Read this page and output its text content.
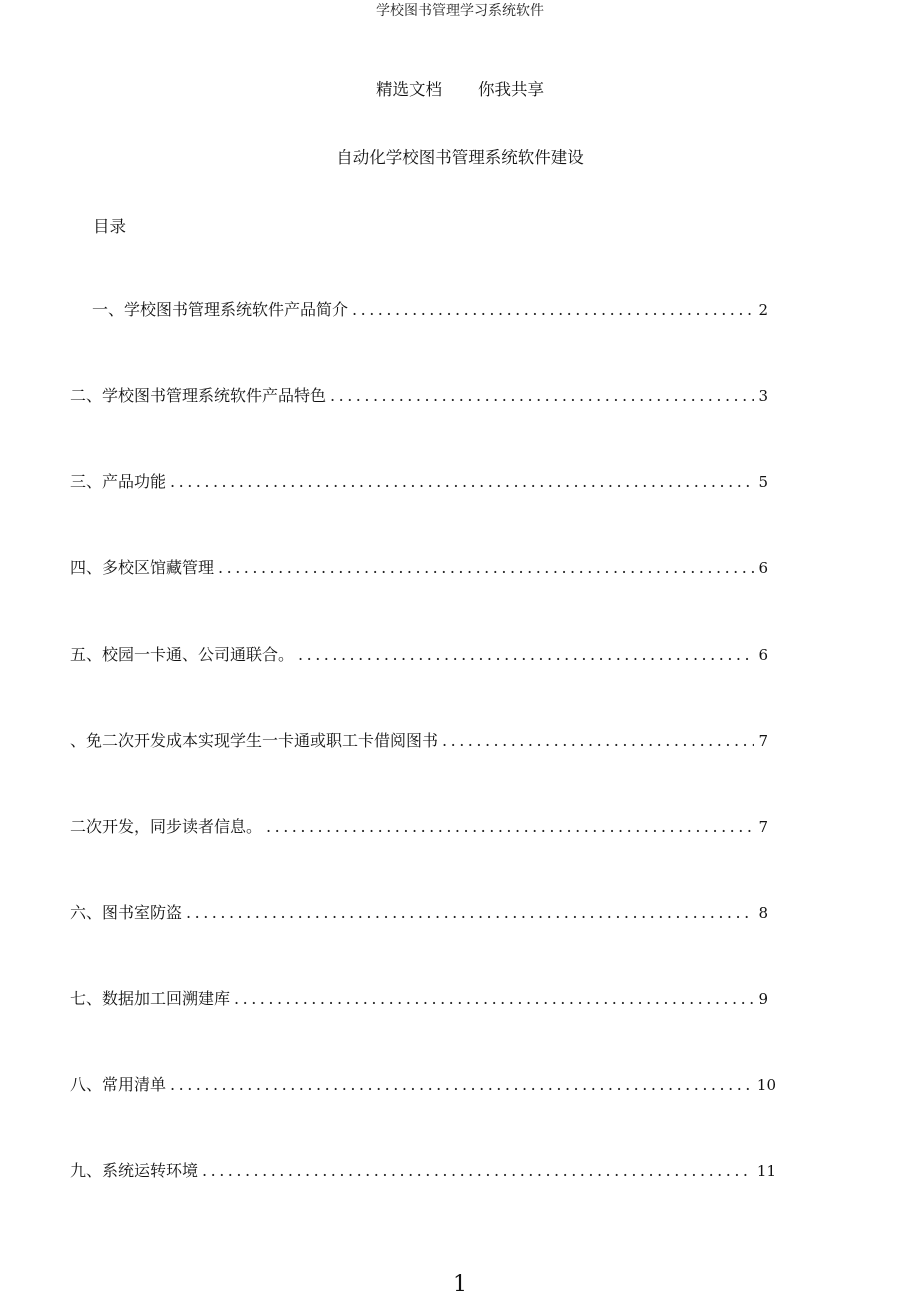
学校图书管理学习系统软件
精选文档 你我共享
自动化学校图书管理系统软件建设
目录
一、学校图书管理系统软件产品简介 .....	2
二、学校图书管理系统软件产品特色 .....	3
三、产品功能 .....	5
四、多校区馆藏管理 .....	6
五、校园一卡通、公司通联合。 .....	6
、免二次开发成本实现学生一卡通或职工卡借阅图书 .....	7
二次开发，同步读者信息。 .....	7
六、图书室防盗 .....	8
七、数据加工回溯建库 .....	9
八、常用清单 .....	10
九、系统运转环境 .....	11
1
